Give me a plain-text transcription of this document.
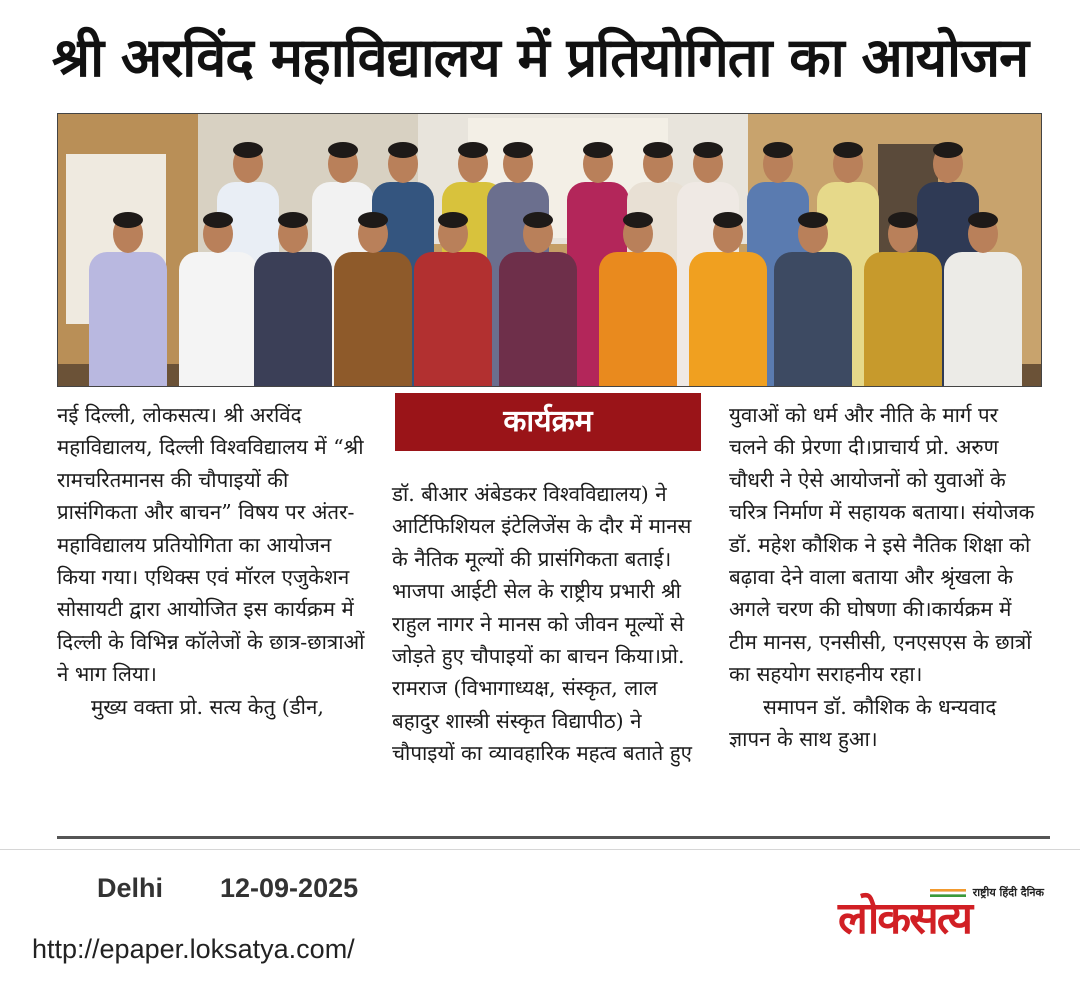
श्री अरविंद महाविद्यालय में प्रतियोगिता का आयोजन

नई दिल्ली, लोकसत्य। श्री अरविंद महाविद्यालय, दिल्ली विश्वविद्यालय में “श्री रामचरितमानस की चौपाइयों की प्रासंगिकता और बाचन” विषय पर अंतर-महाविद्यालय प्रतियोगिता का आयोजन किया गया। एथिक्स एवं मॉरल एजुकेशन सोसायटी द्वारा आयोजित इस कार्यक्रम में दिल्ली के विभिन्न कॉलेजों के छात्र-छात्राओं ने भाग लिया।

मुख्य वक्ता प्रो. सत्य केतु (डीन,

कार्यक्रम

डॉ. बीआर अंबेडकर विश्वविद्यालय) ने आर्टिफिशियल इंटेलिजेंस के दौर में मानस के नैतिक मूल्यों की प्रासंगिकता बताई। भाजपा आईटी सेल के राष्ट्रीय प्रभारी श्री राहुल नागर ने मानस को जीवन मूल्यों से जोड़ते हुए चौपाइयों का बाचन किया।प्रो. रामराज (विभागाध्यक्ष, संस्कृत, लाल बहादुर शास्त्री संस्कृत विद्यापीठ) ने चौपाइयों का व्यावहारिक महत्व बताते हुए

युवाओं को धर्म और नीति के मार्ग पर चलने की प्रेरणा दी।प्राचार्य प्रो. अरुण चौधरी ने ऐसे आयोजनों को युवाओं के चरित्र निर्माण में सहायक बताया। संयोजक डॉ. महेश कौशिक ने इसे नैतिक शिक्षा को बढ़ावा देने वाला बताया और श्रृंखला के अगले चरण की घोषणा की।कार्यक्रम में टीम मानस, एनसीसी, एनएसएस के छात्रों का सहयोग सराहनीय रहा।

समापन डॉ. कौशिक के धन्यवाद ज्ञापन के साथ हुआ।

Delhi 12-09-2025
http://epaper.loksatya.com/
राष्ट्रीय हिंदी दैनिक
लोकसत्य
